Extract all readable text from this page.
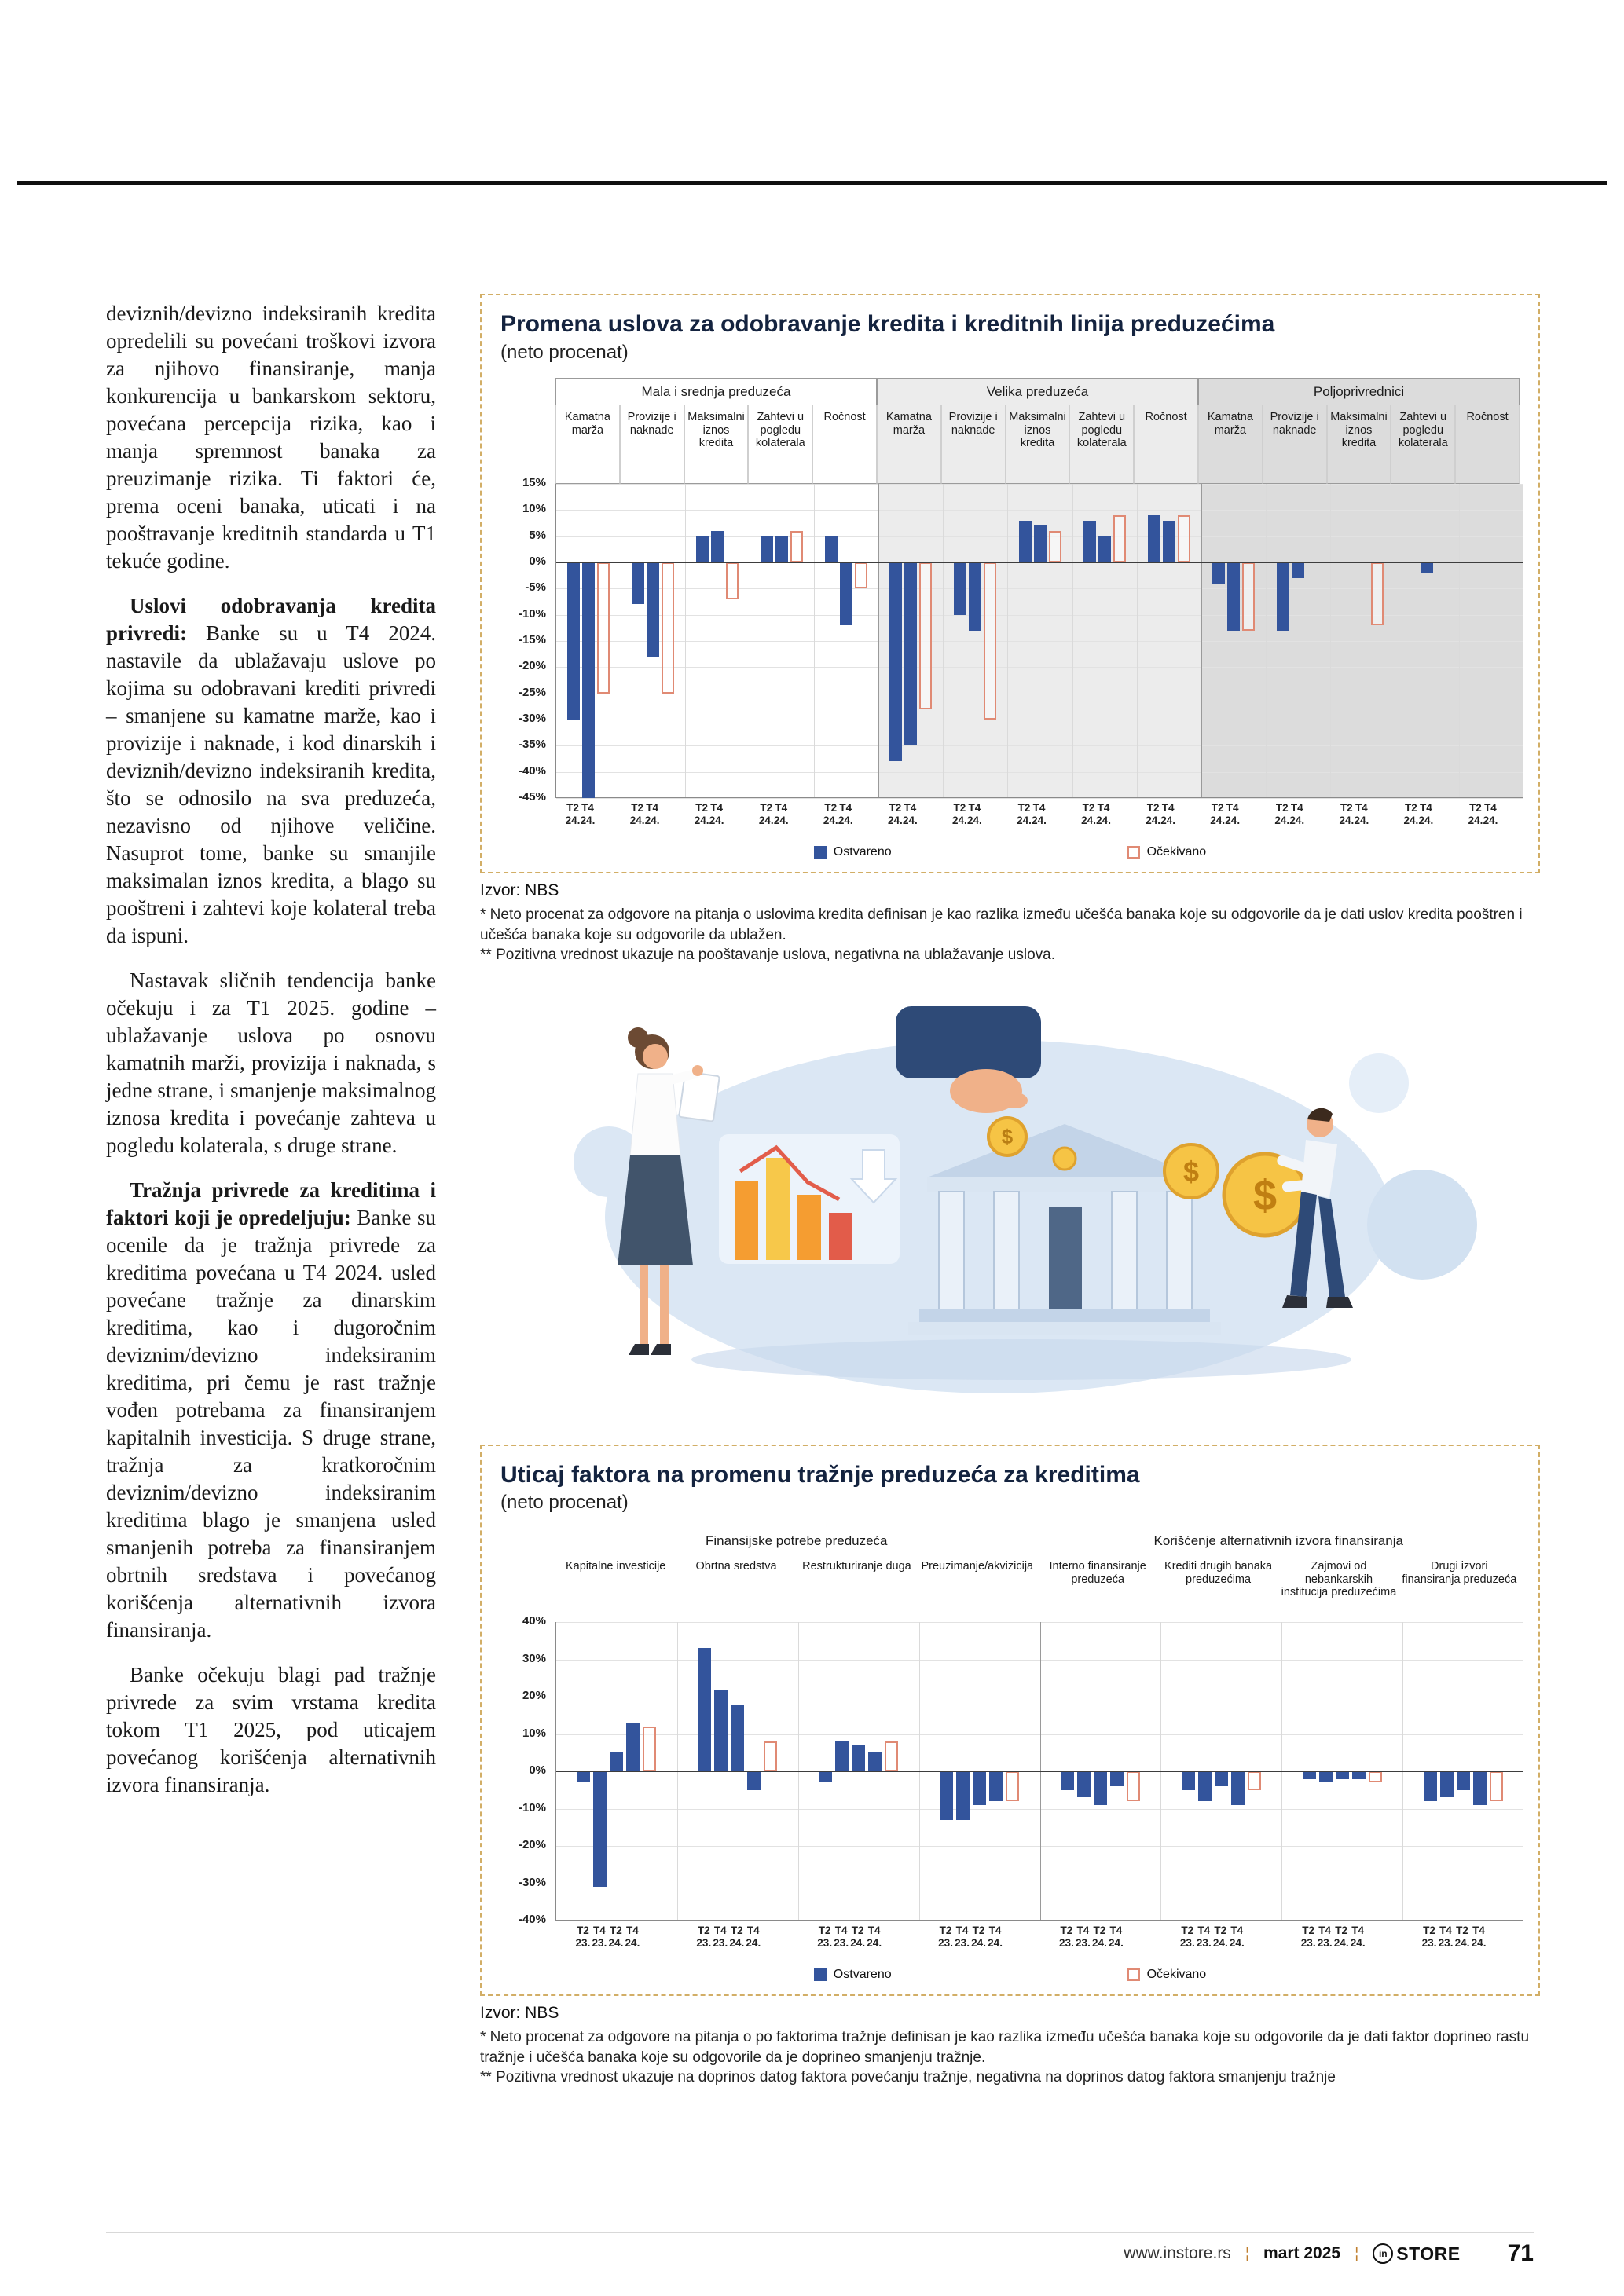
deviznih/devizno indeksiranih kredita opredelili su povećani troškovi izvora za njihovo finansiranje, manja konkurencija u bankarskom sektoru, povećana percepcija rizika, kao i manja spremnost banaka za preuzimanje rizika. Ti faktori će, prema oceni banaka, uticati i na pooštravanje kreditnih standarda u T1 tekuće godine.

Uslovi odobravanja kredita privredi: Banke su u T4 2024. nastavile da ublažavaju uslove po kojima su odobravani krediti privredi – smanjene su kamatne marže, kao i provizije i naknade, i kod dinarskih i deviznih/devizno indeksiranih kredita, što se odnosilo na sva preduzeća, nezavisno od njihove veličine. Nasuprot tome, banke su smanjile maksimalan iznos kredita, a blago su pooštreni i zahtevi koje kolateral treba da ispuni.

Nastavak sličnih tendencija banke očekuju i za T1 2025. godine – ublažavanje uslova po osnovu kamatnih marži, provizija i naknada, s jedne strane, i smanjenje maksimalnog iznosa kredita i povećanje zahteva u pogledu kolaterala, s druge strane.

Tražnja privrede za kreditima i faktori koji je opredeljuju: Banke su ocenile da je tražnja privrede za kreditima povećana u T4 2024. usled povećane tražnje za dinarskim kreditima, kao i dugoročnim deviznim/devizno indeksiranim kreditima, pri čemu je rast tražnje vođen potrebama za finansiranjem kapitalnih investicija. S druge strane, tražnja za kratkoročnim deviznim/devizno indeksiranim kreditima blago je smanjena usled smanjenih potreba za finansiranjem obrtnih sredstava i povećanog korišćenja alternativnih izvora finansiranja.

Banke očekuju blagi pad tražnje privrede za svim vrstama kredita tokom T1 2025, pod uticajem povećanog korišćenja alternativnih izvora finansiranja.

Promena uslova za odobravanje kredita i kreditnih linija preduzećima
(neto procenat)
Mala i srednja preduzeća	Velika preduzeća	Poljoprivrednici
Kamatna marža
Provizije i naknade
Maksimalni iznos kredita
Zahtevi u pogledu kolaterala
Ročnost	Kamatna marža
Provizije i naknade
Maksimalni iznos kredita
Zahtevi u pogledu kolaterala
Ročnost	Kamatna marža
Provizije i naknade
Maksimalni iznos kredita
Zahtevi u pogledu kolaterala
Ročnost
15%
10%
5%
0%
-5%
-10%
-15%
-20%
-25%
-30%
-35%
-40%
-45%
T2
24.
T4
24.
T2
24.
T4
24.
T2
24.
T4
24.
T2
24.
T4
24.
T2
24.
T4
24.
T2
24.
T4
24.
T2
24.
T4
24.
T2
24.
T4
24.
T2
24.
T4
24.
T2
24.
T4
24.
T2
24.
T4
24.
T2
24.
T4
24.
T2
24.
T4
24.
T2
24.
T4
24.
T2
24.
T4
24.
Ostvareno	Očekivano
Izvor: NBS
* Neto procenat za odgovore na pitanja o uslovima kredita definisan je kao razlika između učešća banaka koje su odgovorile da je dati uslov kredita pooštren i učešća banaka koje su odgovorile da ublažen.
** Pozitivna vrednost ukazuje na pooštavanje uslova, negativna na ublažavanje uslova.
$
$
$
Uticaj faktora na promenu tražnje preduzeća za kreditima
(neto procenat)
Finansijske potrebe preduzeća	Korišćenje alternativnih izvora finansiranja
Kapitalne investicije	Obrtna sredstva	Restrukturiranje duga Preuzimanje/akvizicija	Interno finansiranje preduzeća
Krediti drugih banaka preduzećima
Zajmovi od nebankarskih institucija preduzećima
Drugi izvori finansiranja preduzeća
40%
30%
20%
10%
0%
-10%
-20%
-30%
-40%
T2
23.
T4
23.
T2
24.
T4
24.
T2
23.
T4
23.
T2
24.
T4
24.
T2
23.
T4
23.
T2
24.
T4
24.
T2
23.
T4
23.
T2
24.
T4
24.
T2
23.
T4
23.
T2
24.
T4
24.
T2
23.
T4
23.
T2
24.
T4
24.
T2
23.
T4
23.
T2
24.
T4
24.
T2
23.
T4
23.
T2
24.
T4
24.
Ostvareno	Očekivano
Izvor: NBS
* Neto procenat za odgovore na pitanja o po faktorima tražnje definisan je kao razlika između učešća banaka koje su odgovorile da je dati faktor doprineo rastu tražnje i učešća banaka koje su odgovorile da je doprineo smanjenju tražnje.
** Pozitivna vrednost ukazuje na doprinos datog faktora povećanju tražnje, negativna na doprinos datog faktora smanjenju tražnje
www.instore.rs ¦ mart 2025 ¦	in STORE 71
